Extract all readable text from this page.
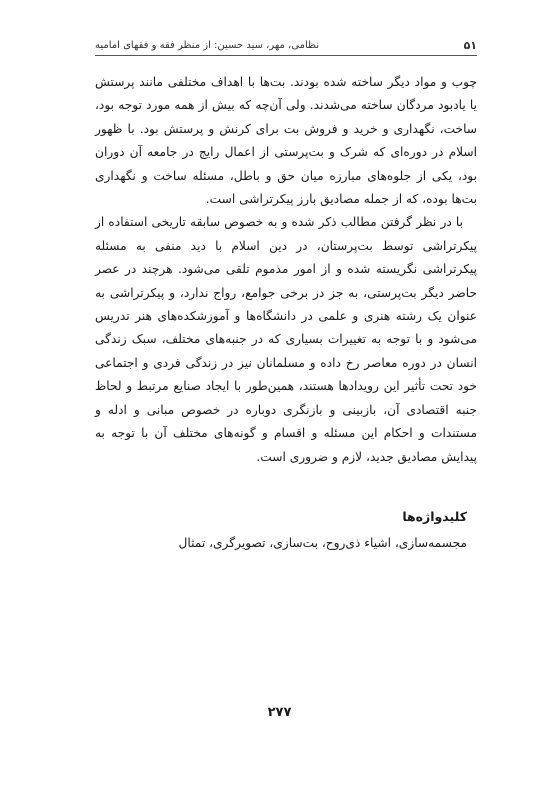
۵۱
نظامی، مهر، سید حسین: از منظر فقه و فقهای امامیه

چوب و مواد دیگر ساخته شده بودند. بت‌ها با اهداف مختلفی مانند پرستش یا یادبود مردگان ساخته می‌شدند. ولی آن‌چه که بیش از همه مورد توجه بود، ساخت، نگهداری و خرید و فروش بت برای کرنش و پرستش بود. با ظهور اسلام در دوره‌ای که شرک و بت‌پرستی از اعمال رایج در جامعه آن دوران بود، یکی از جلوه‌های مبارزه میان حق و باطل، مسئله ساخت و نگهداری بت‌ها بوده، که از جمله مصادیق بارز پیکرتراشی است.

با در نظر گرفتن مطالب ذکر شده و به خصوص سابقه تاریخی استفاده از پیکرتراشی توسط بت‌پرستان، در دین اسلام با دید منفی به مسئله پیکرتراشی نگریسته شده و از امور مذموم تلقی می‌شود. هرچند در عصر حاضر دیگر بت‌پرستی، به جز در برخی جوامع، رواج ندارد، و پیکرتراشی به عنوان یک رشته هنری و علمی در دانشگاه‌ها و آموزشکده‌های هنر تدریس می‌شود و با توجه به تغییرات بسیاری که در جنبه‌های مختلف، سبک زندگی انسان در دوره معاصر رخ داده و مسلمانان نیز در زندگی فردی و اجتماعی خود تحت تأثیر این رویدادها هستند، همین‌طور با ایجاد صنایع مرتبط و لحاظ جنبه اقتصادی آن، بازبینی و بازنگری دوباره در خصوص مبانی و ادله و مستندات و احکام این مسئله و اقسام و گونه‌های مختلف آن با توجه به پیدایش مصادیق جدید، لازم و ضروری است.

کلیدواژه‌ها
مجسمه‌سازی، اشیاء ذی‌روح، بت‌سازی، تصویرگری، تمثال
۲۷۷
